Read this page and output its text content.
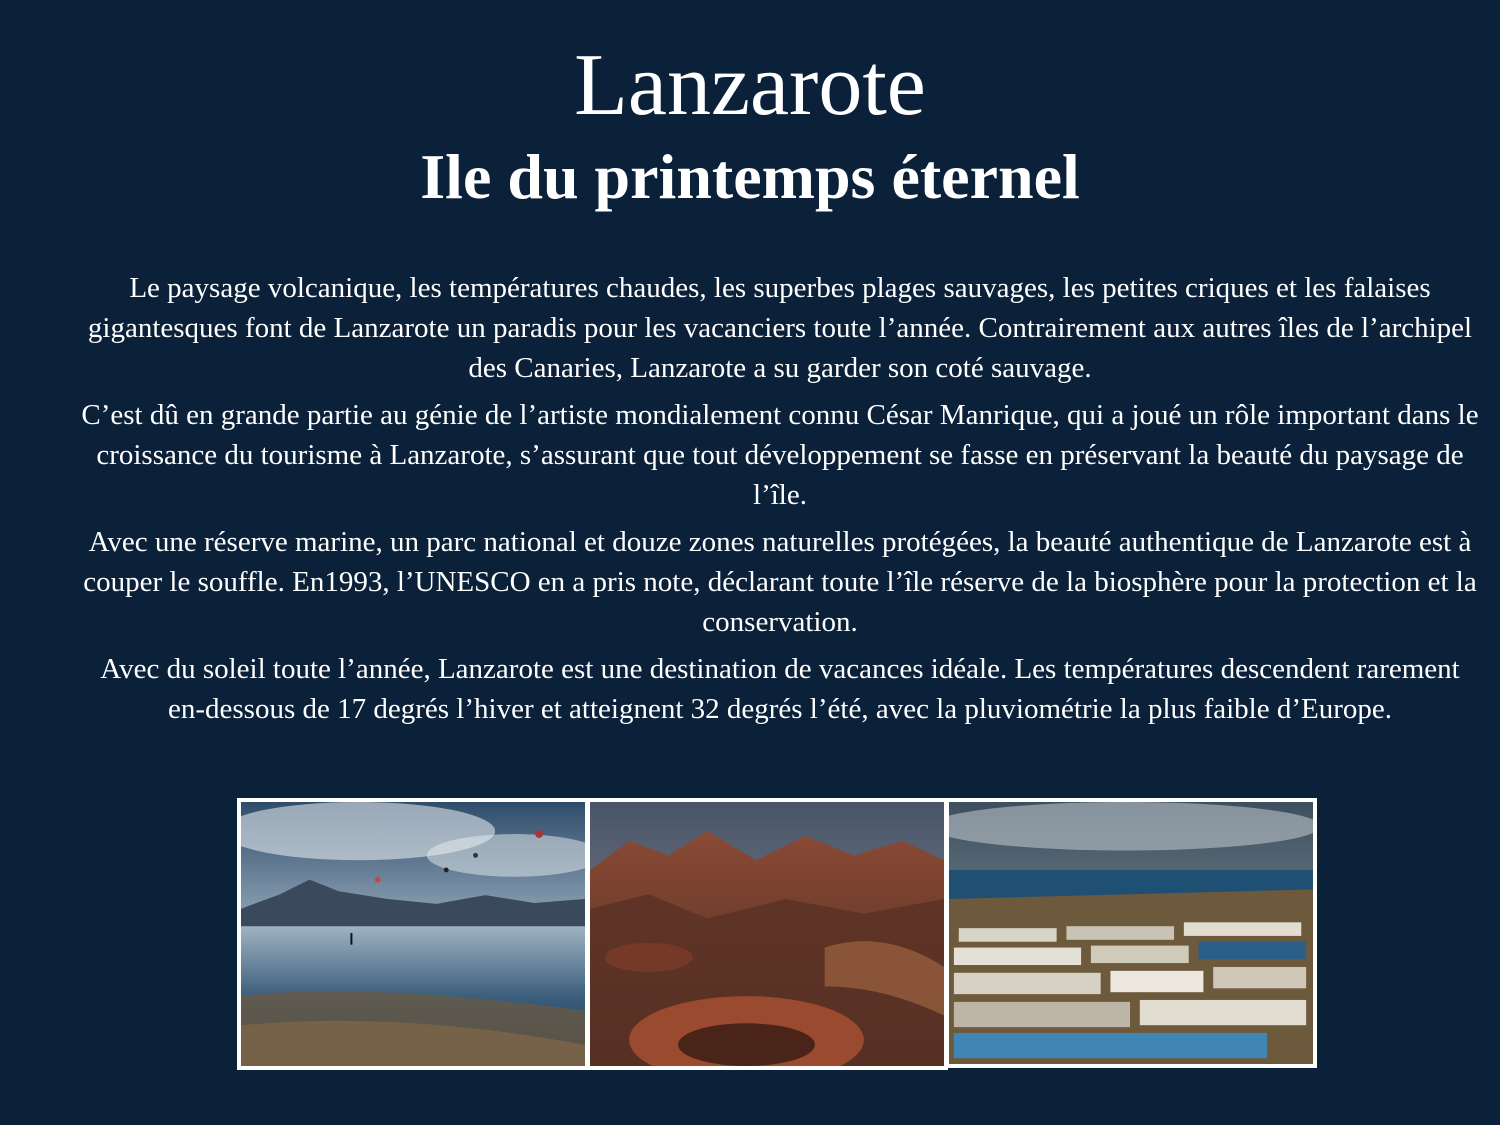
Lanzarote
Ile du printemps éternel

Le paysage volcanique, les températures chaudes, les superbes plages sauvages, les petites criques et les falaises gigantesques font de Lanzarote un paradis pour les vacanciers toute l’année. Contrairement aux autres îles de l’archipel des Canaries, Lanzarote a su garder son coté sauvage.

C’est dû en grande partie au génie de l’artiste mondialement connu César Manrique, qui a joué un rôle important dans le croissance du tourisme à Lanzarote, s’assurant que tout développement se fasse en préservant la beauté du paysage de l’île.

Avec une réserve marine, un parc national et douze zones naturelles protégées, la beauté authentique de Lanzarote est à couper le souffle. En1993, l’UNESCO en a pris note, déclarant toute l’île réserve de la biosphère pour la protection et la conservation.

Avec du soleil toute l’année, Lanzarote est une destination de vacances idéale. Les températures descendent rarement en-dessous de 17 degrés l’hiver et atteignent 32 degrés l’été, avec la pluviométrie la plus faible d’Europe.
